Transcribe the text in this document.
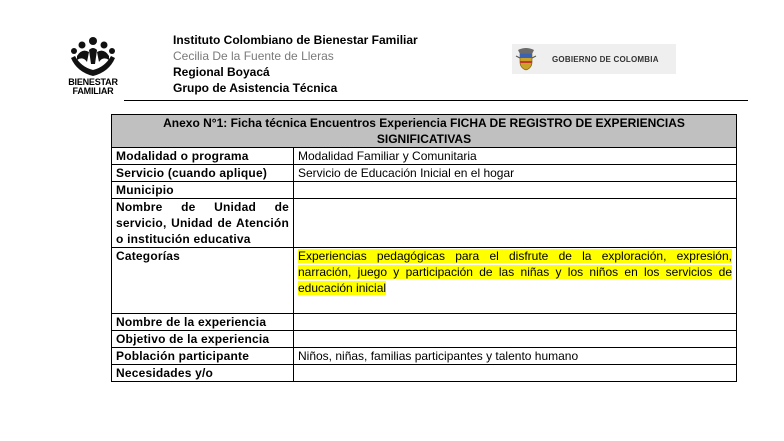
BIENESTAR
FAMILIAR
Instituto Colombiano de Bienestar Familiar
Cecilia De la Fuente de Lleras
Regional Boyacá
Grupo de Asistencia Técnica
GOBIERNO DE COLOMBIA
Anexo N°1: Ficha técnica Encuentros Experiencia FICHA DE REGISTRO DE EXPERIENCIAS SIGNIFICATIVAS	
Modalidad o programa	Modalidad Familiar y Comunitaria
Servicio (cuando aplique)	Servicio de Educación Inicial en el hogar
Municipio	
Nombre de Unidad de servicio, Unidad de Atención o institución educativa	
Categorías	Experiencias pedagógicas para el disfrute de la exploración, expresión, narración, juego y participación de las niñas y los niños en los servicios de educación inicial
Nombre de la experiencia	
Objetivo de la experiencia	
Población participante	Niños, niñas, familias participantes y talento humano
Necesidades y/o	
